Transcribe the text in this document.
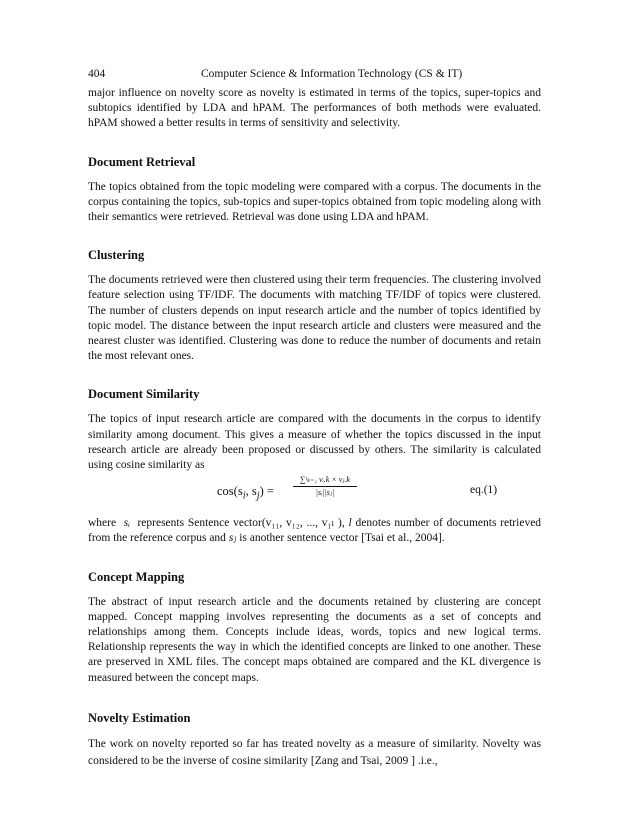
404	Computer Science & Information Technology (CS & IT)

major influence on novelty score as novelty is estimated in terms of the topics, super-topics and subtopics identified by LDA and hPAM. The performances of both methods were evaluated. hPAM showed a better results in terms of sensitivity and selectivity.

Document Retrieval

The topics obtained from the topic modeling were compared with a corpus. The documents in the corpus containing the topics, sub-topics and super-topics obtained from topic modeling along with their semantics were retrieved. Retrieval was done using LDA and hPAM.

Clustering

The documents retrieved were then clustered using their term frequencies. The clustering involved feature selection using TF/IDF. The documents with matching TF/IDF of topics were clustered. The number of clusters depends on input research article and the number of topics identified by topic model. The distance between the input research article and clusters were measured and the nearest cluster was identified. Clustering was done to reduce the number of documents and retain the most relevant ones.

Document Similarity

The topics of input research article are compared with the documents in the corpus to identify similarity among document. This gives a measure of whether the topics discussed in the input research article are already been proposed or discussed by others. The similarity is calculated using cosine similarity as

$\cos(s_i$, $s_j) = \frac{\text{∑ᵗₖ₌₁ vᵢ.k × vⱼ.k}}{\text{|sᵢ||sⱼ|}}$	eq.(1)

where sᵢ represents Sentence vector(v₁₁, v₁₂, ..., v₁ₗ ), l denotes number of documents retrieved from the reference corpus and sⱼ is another sentence vector [Tsai et al., 2004].

Concept Mapping

The abstract of input research article and the documents retained by clustering are concept mapped. Concept mapping involves representing the documents as a set of concepts and relationships among them. Concepts include ideas, words, topics and new logical terms. Relationship represents the way in which the identified concepts are linked to one another. These are preserved in XML files. The concept maps obtained are compared and the KL divergence is measured between the concept maps.

Novelty Estimation

The work on novelty reported so far has treated novelty as a measure of similarity. Novelty was considered to be the inverse of cosine similarity [Zang and Tsai, 2009 ] .i.e.,
